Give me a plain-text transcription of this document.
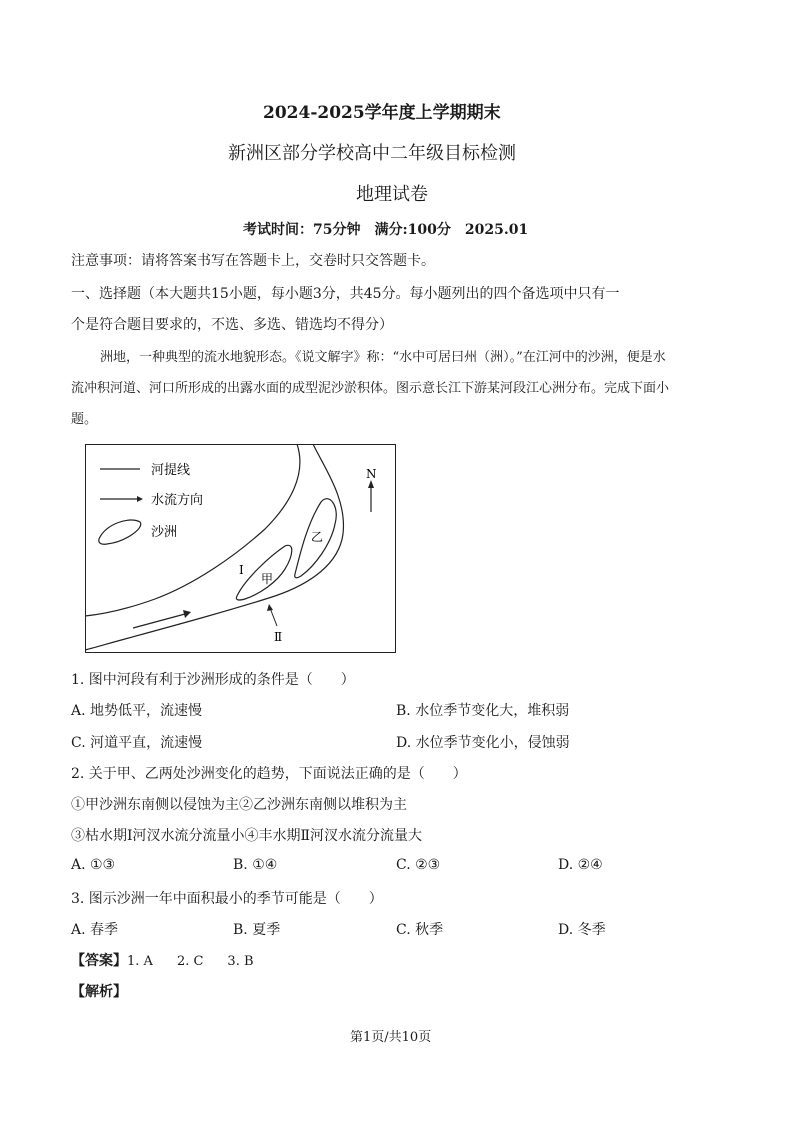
2024-2025学年度上学期期末
新洲区部分学校高中二年级目标检测
地理试卷
考试时间：75分钟　满分:100分　2025.01
注意事项：请将答案书写在答题卡上，交卷时只交答题卡。
一、选择题（本大题共15小题，每小题3分，共45分。每小题列出的四个备选项中只有一
个是符合题目要求的，不选、多选、错选均不得分）
洲地，一种典型的流水地貌形态。《说文解字》称：“水中可居曰州（洲）。”在江河中的沙洲，便是水
流冲积河道、河口所形成的出露水面的成型泥沙淤积体。图示意长江下游某河段江心洲分布。完成下面小
题。
河提线
水流方向
沙洲
N
甲
乙
Ⅰ
Ⅱ
1. 图中河段有利于沙洲形成的条件是（　　）
A. 地势低平，流速慢	B. 水位季节变化大，堆积弱
C. 河道平直，流速慢	D. 水位季节变化小，侵蚀弱
2. 关于甲、乙两处沙洲变化的趋势，下面说法正确的是（　　）
①甲沙洲东南侧以侵蚀为主②乙沙洲东南侧以堆积为主
③枯水期Ⅰ河汊水流分流量小④丰水期Ⅱ河汊水流分流量大
A. ①③	B. ①④	C. ②③	D. ②④
3. 图示沙洲一年中面积最小的季节可能是（　　）
A. 春季	B. 夏季	C. 秋季	D. 冬季
【答案】1. A 2. C 3. B
【解析】
第1页/共10页
